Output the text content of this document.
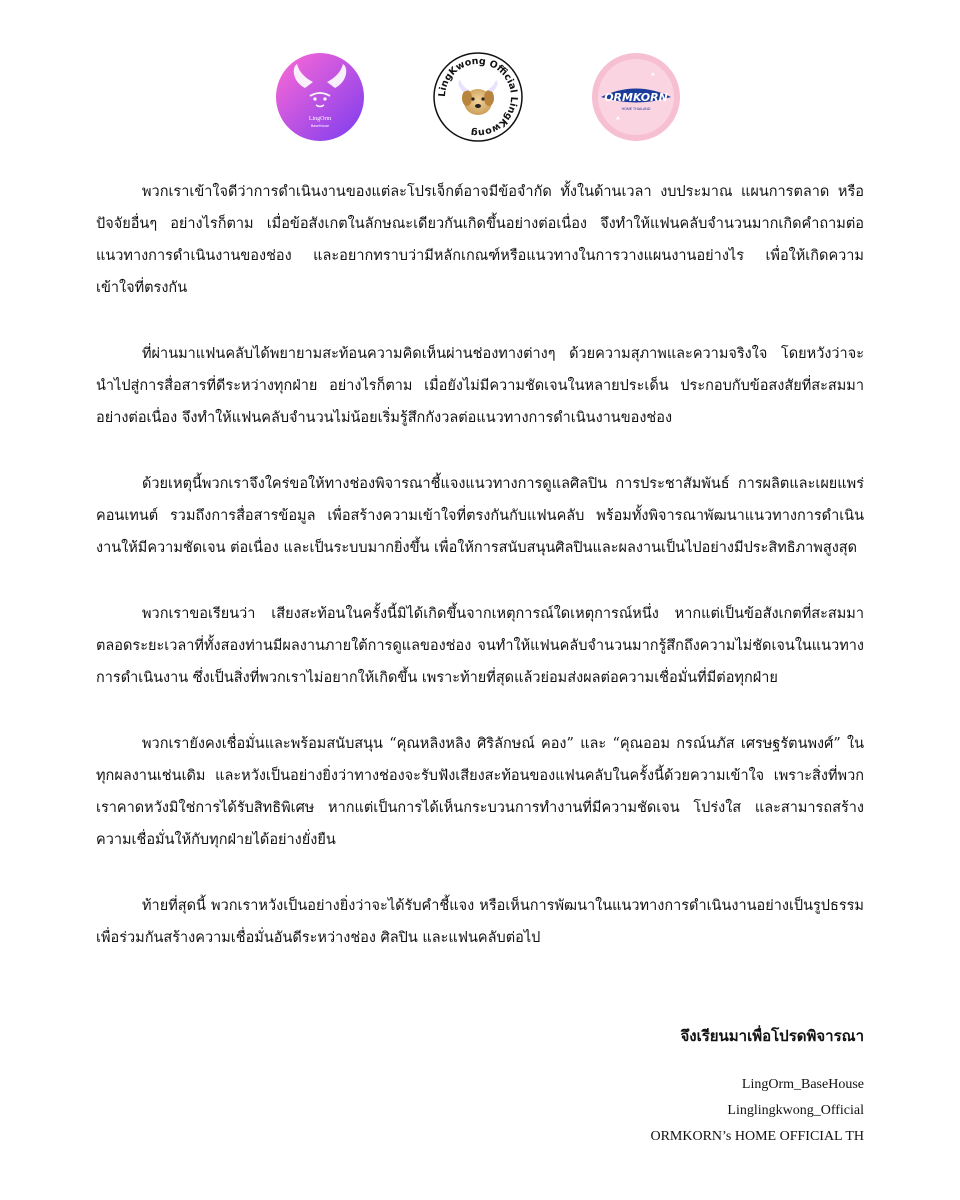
LingOrm
BaseHouse
LingKwong Official LingKwong
ORMKORN
HOME THAILAND

พวกเราเข้าใจดีว่าการดำเนินงานของแต่ละโปรเจ็กต์อาจมีข้อจำกัด ทั้งในด้านเวลา งบประมาณ แผนการตลาด หรือปัจจัยอื่นๆ อย่างไรก็ตาม เมื่อข้อสังเกตในลักษณะเดียวกันเกิดขึ้นอย่างต่อเนื่อง จึงทำให้แฟนคลับจำนวนมากเกิดคำถามต่อแนวทางการดำเนินงานของช่อง และอยากทราบว่ามีหลักเกณฑ์หรือแนวทางในการวางแผนงานอย่างไร เพื่อให้เกิดความเข้าใจที่ตรงกัน

ที่ผ่านมาแฟนคลับได้พยายามสะท้อนความคิดเห็นผ่านช่องทางต่างๆ ด้วยความสุภาพและความจริงใจ โดยหวังว่าจะนำไปสู่การสื่อสารที่ดีระหว่างทุกฝ่าย อย่างไรก็ตาม เมื่อยังไม่มีความชัดเจนในหลายประเด็น ประกอบกับข้อสงสัยที่สะสมมาอย่างต่อเนื่อง จึงทำให้แฟนคลับจำนวนไม่น้อยเริ่มรู้สึกกังวลต่อแนวทางการดำเนินงานของช่อง

ด้วยเหตุนี้พวกเราจึงใคร่ขอให้ทางช่องพิจารณาชี้แจงแนวทางการดูแลศิลปิน การประชาสัมพันธ์ การผลิตและเผยแพร่คอนเทนต์ รวมถึงการสื่อสารข้อมูล เพื่อสร้างความเข้าใจที่ตรงกันกับแฟนคลับ พร้อมทั้งพิจารณาพัฒนาแนวทางการดำเนินงานให้มีความชัดเจน ต่อเนื่อง และเป็นระบบมากยิ่งขึ้น เพื่อให้การสนับสนุนศิลปินและผลงานเป็นไปอย่างมีประสิทธิภาพสูงสุด

พวกเราขอเรียนว่า เสียงสะท้อนในครั้งนี้มิได้เกิดขึ้นจากเหตุการณ์ใดเหตุการณ์หนึ่ง หากแต่เป็นข้อสังเกตที่สะสมมาตลอดระยะเวลาที่ทั้งสองท่านมีผลงานภายใต้การดูแลของช่อง จนทำให้แฟนคลับจำนวนมากรู้สึกถึงความไม่ชัดเจนในแนวทางการดำเนินงาน ซึ่งเป็นสิ่งที่พวกเราไม่อยากให้เกิดขึ้น เพราะท้ายที่สุดแล้วย่อมส่งผลต่อความเชื่อมั่นที่มีต่อทุกฝ่าย

พวกเรายังคงเชื่อมั่นและพร้อมสนับสนุน “คุณหลิงหลิง ศิริลักษณ์ คอง” และ “คุณออม กรณ์นภัส เศรษฐรัตนพงศ์” ในทุกผลงานเช่นเดิม และหวังเป็นอย่างยิ่งว่าทางช่องจะรับฟังเสียงสะท้อนของแฟนคลับในครั้งนี้ด้วยความเข้าใจ เพราะสิ่งที่พวกเราคาดหวังมิใช่การได้รับสิทธิพิเศษ หากแต่เป็นการได้เห็นกระบวนการทำงานที่มีความชัดเจน โปร่งใส และสามารถสร้างความเชื่อมั่นให้กับทุกฝ่ายได้อย่างยั่งยืน

ท้ายที่สุดนี้ พวกเราหวังเป็นอย่างยิ่งว่าจะได้รับคำชี้แจง หรือเห็นการพัฒนาในแนวทางการดำเนินงานอย่างเป็นรูปธรรม เพื่อร่วมกันสร้างความเชื่อมั่นอันดีระหว่างช่อง ศิลปิน และแฟนคลับต่อไป

จึงเรียนมาเพื่อโปรดพิจารณา
LingOrm_BaseHouse
Linglingkwong_Official
ORMKORN’s HOME OFFICIAL TH
